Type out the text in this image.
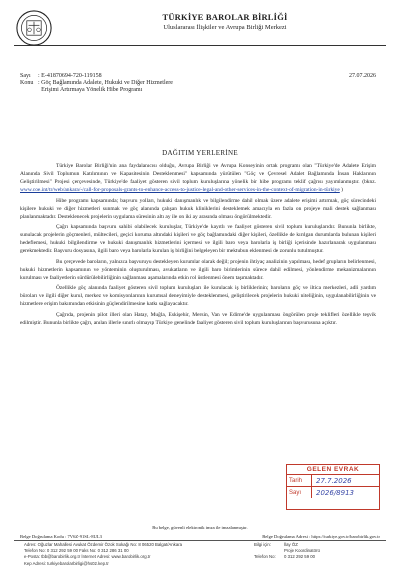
TÜRKİYE BAROLAR BİRLİĞİ
Uluslararası İlişkiler ve Avrupa Birliği Merkezi
Sayı : E-41870694-720-119158
Konu : Göç Bağlamında Adalete, Hukuki ve Diğer Hizmetlere Erişimi Artırmaya Yönelik Hibe Programı
27.07.2026
DAĞITIM YERLERİNE

Türkiye Barolar Birliği'nin ana faydalanıcısı olduğu, Avrupa Birliği ve Avrupa Konseyinin ortak programı olan "Türkiye'de Adalete Erişim Alanında Sivil Toplumun Katılımının ve Kapasitesinin Desteklenmesi" kapsamında yürütülen "Göç ve Çevresel Adalet Bağlamında İnsan Haklarının Geliştirilmesi" Projesi çerçevesinde, Türkiye'de faaliyet gösteren sivil toplum kuruluşlarına yönelik bir hibe programı teklif çağrısı yayımlanmıştır. (bknz. www.coe.int/tr/web/ankara/-/call-for-proposals-grants-to-enhance-access-to-justice-legal-and-other-services-in-the-context-of-migration-in-türkiye )

Hibe programı kapsamında; başvuru yolları, hukuki danışmanlık ve bilgilendirme dahil olmak üzere adalete erişimi artırmak, göç sürecindeki kişilere hukuki ve diğer hizmetleri sunmak ve göç alanında çalışan hukuk kliniklerini desteklemek amacıyla en fazla on projeye mali destek sağlanması planlanmaktadır. Desteklenecek projelerin uygulama süresinin altı ay ile on iki ay arasında olması öngörülmektedir.

Çağrı kapsamında başvuru sahibi olabilecek kuruluşlar, Türkiye'de kayıtlı ve faaliyet gösteren sivil toplum kuruluşlarıdır. Bununla birlikte, sunulacak projelerin göçmenleri, mültecileri, geçici koruma altındaki kişileri ve göç bağlamındaki diğer kişileri, özellikle de kırılgan durumlarda bulunan kişileri hedeflemesi, hukuki bilgilendirme ve hukuki danışmanlık hizmetlerini içermesi ve ilgili baro veya barolarla iş birliği içerisinde hazırlanarak uygulanması gerekmektedir. Başvuru dosyasına, ilgili baro veya barolarla kurulan iş birliğini belgeleyen bir mektubun eklenmesi de zorunlu tutulmuştur.

Bu çerçevede baroların, yalnızca başvuruyu destekleyen kurumlar olarak değil; projenin ihtiyaç analizinin yapılması, hedef grupların belirlenmesi, hukuki hizmetlerin kapsamının ve yönteminin oluşturulması, avukatların ve ilgili baro birimlerinin sürece dahil edilmesi, yönlendirme mekanizmalarının kurulması ve faaliyetlerin sürdürülebilirliğinin sağlanması aşamalarında etkin rol üstlenmesi önem taşımaktadır.

Özellikle göç alanında faaliyet gösteren sivil toplum kuruluşları ile kurulacak iş birliklerinin; baroların göç ve iltica merkezleri, adli yardım büroları ve ilgili diğer kurul, merkez ve komisyonlarının kurumsal deneyimiyle desteklenmesi, geliştirilecek projelerin hukuki niteliğinin, uygulanabilirliğinin ve hizmetlere erişim bakımından etkisinin güçlendirilmesine katkı sağlayacaktır.

Çağrıda, projenin pilot illeri olan Hatay, Muğla, Eskişehir, Mersin, Van ve Edirne'de uygulanması öngörülen proje teklifleri özellikle teşvik edilmiştir. Bununla birlikte çağrı, anılan illerle sınırlı olmayıp Türkiye genelinde faaliyet gösteren sivil toplum kuruluşlarının başvurusuna açıktır.

GELEN EVRAK
Tarih	27.7.2026
Sayı	2026/8913
Bu belge, güvenli elektronik imza ile imzalanmıştır.
Belge Doğrulama Kodu : 7V6Z-91SL-8UL3	Belge Doğrulama Adresi : https://turkiye.gov.tr/barobirlik.gov.tr
Adres: Oğuzlar Mahallesi Avukat Özdemir Özok Sokağı No: 8 06520 Balgat/Ankara
Telefon No: 0 312 292 59 00 Faks No: 0 312 286 31 00
e-Posta: tbb@barobirlik.org.tr İnternet Adresi: www.barobirlik.org.tr
Kep Adresi: turkiyebarolarbirligi@hs02.kep.tr
Bilgi için:	İlay ÖZ
Proje Koordinatörü
Telefon No: 0 312 292 59 00
